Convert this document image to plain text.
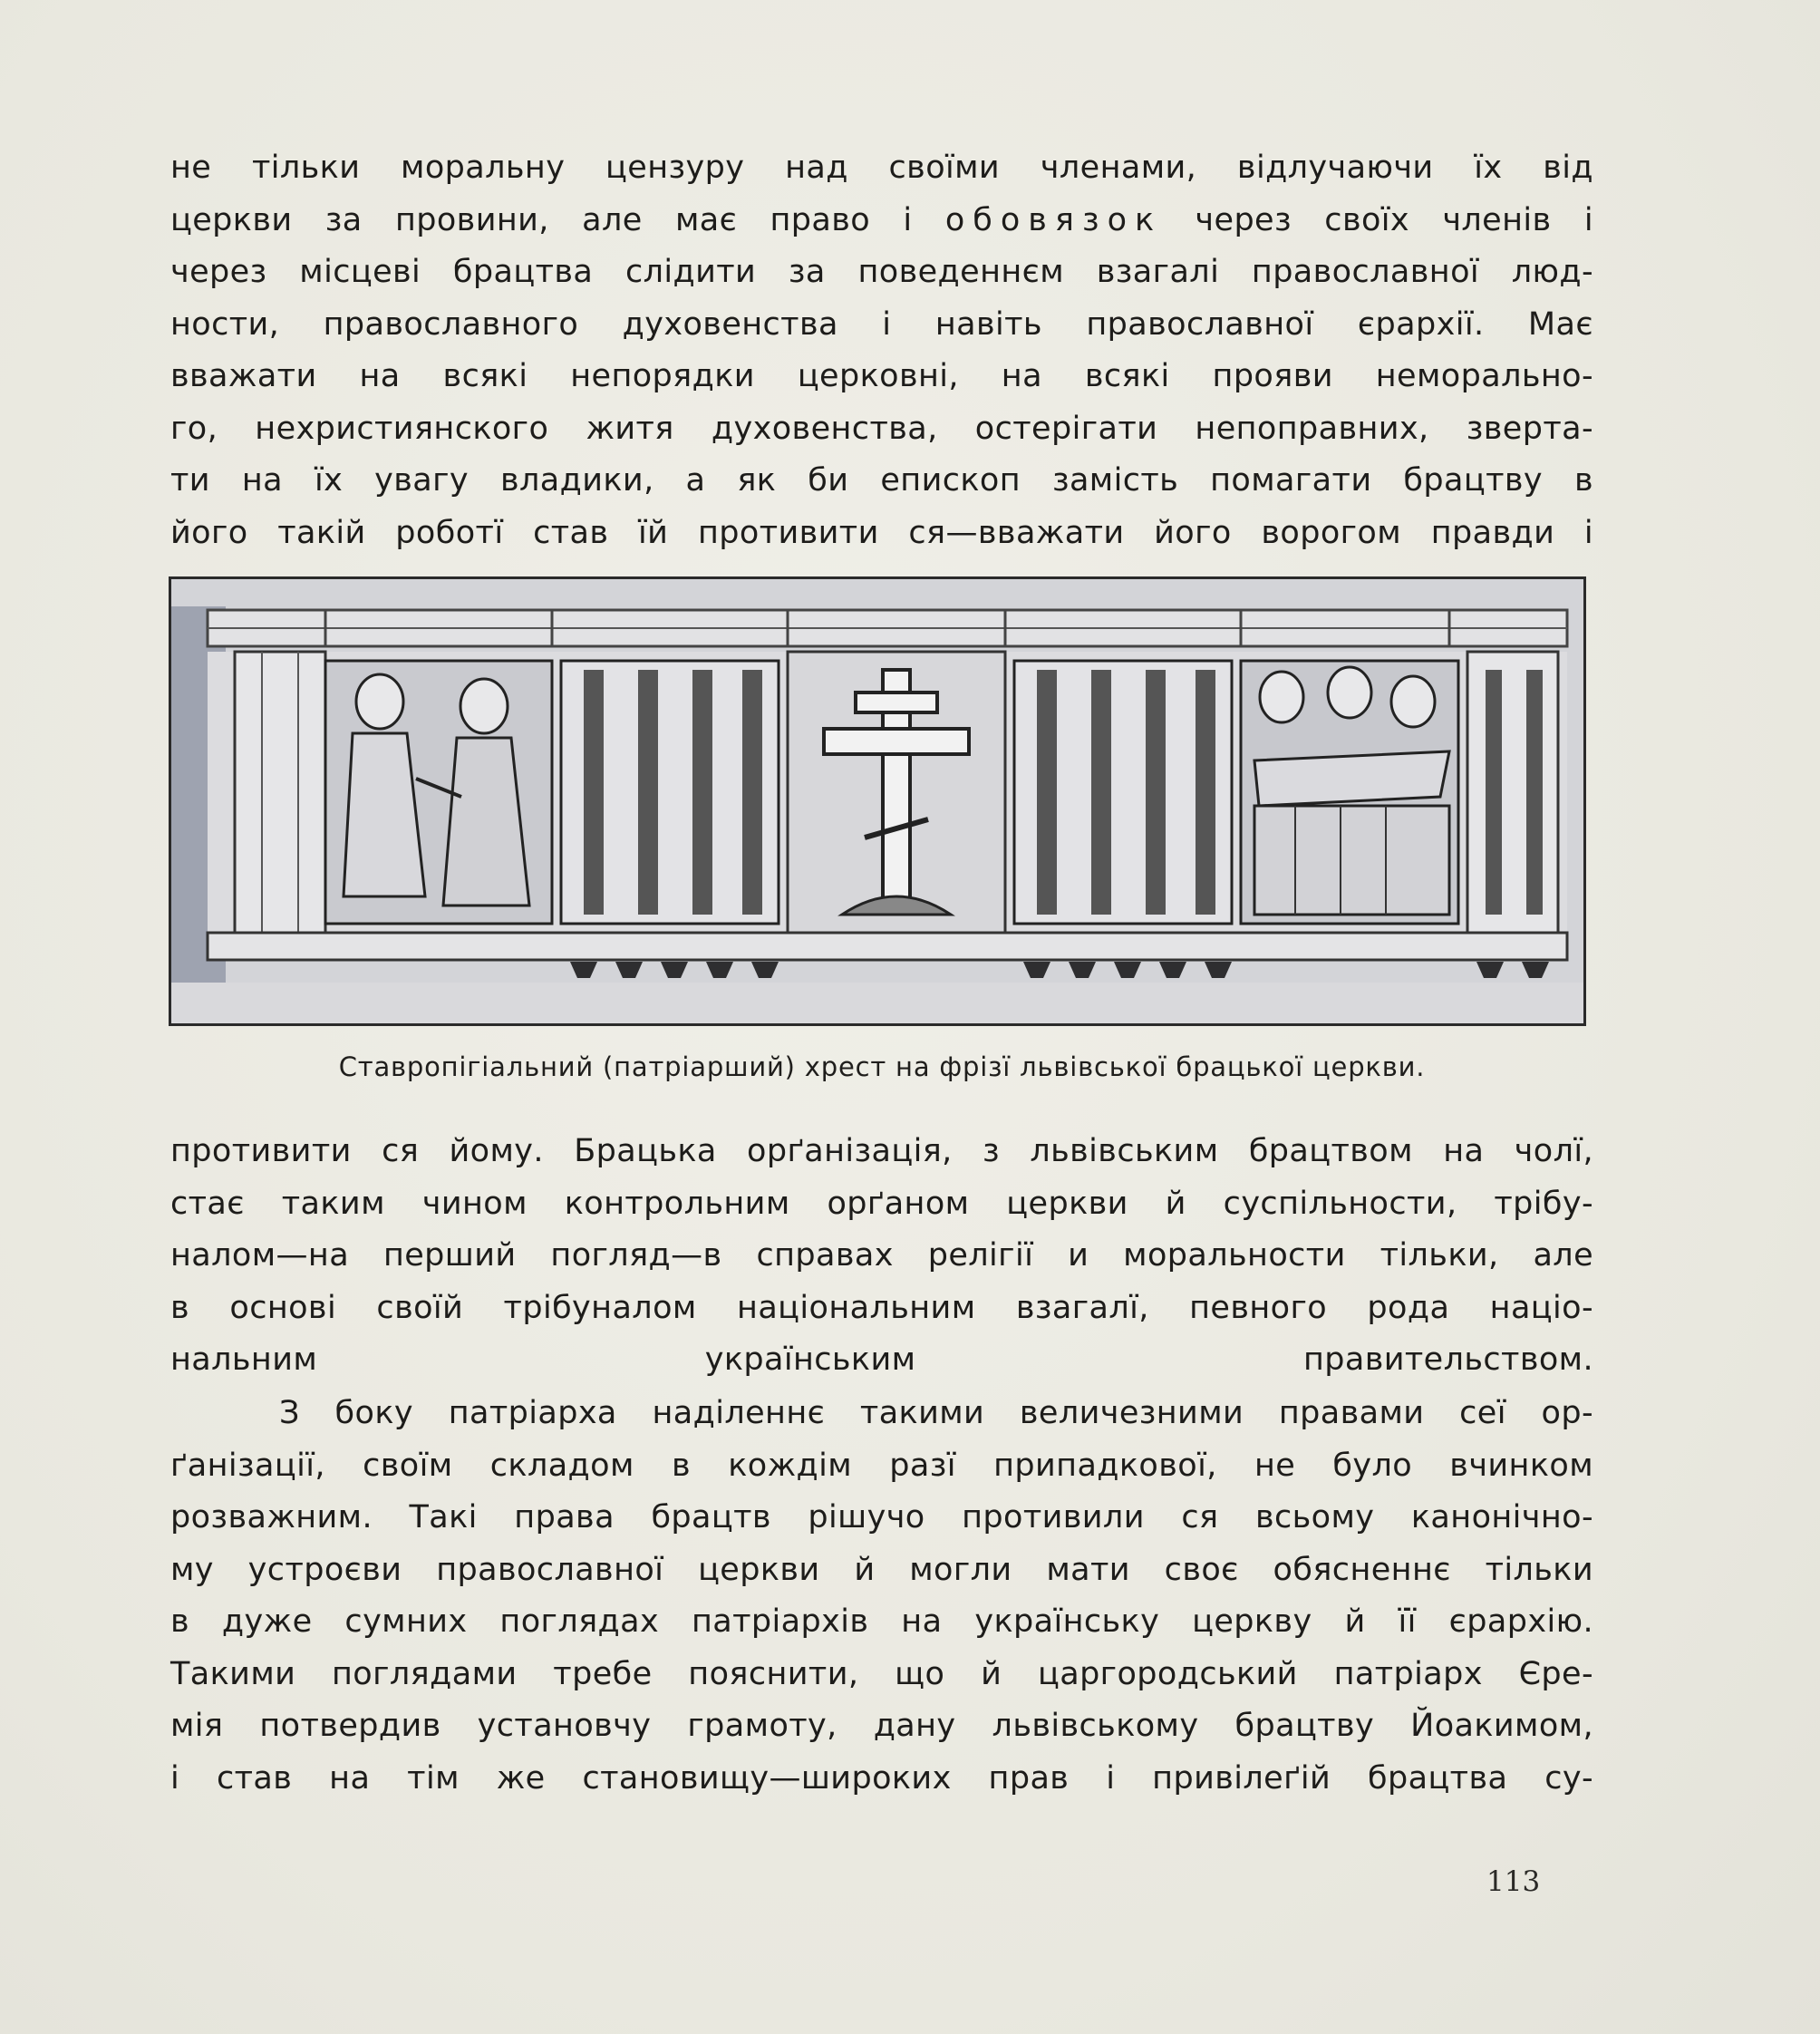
не тільки моральну цензуру над своїми членами, відлучаючи їх від

церкви за провини, але має право і обовязок через своїх членів і

через місцеві брацтва слідити за поведеннєм взагалі православної люд-

ности, православного духовенства і навіть православної єрархії. Має

вважати на всякі непорядки церковні, на всякі прояви неморально-

го, нехристиянского житя духовенства, остерігати непоправних, зверта-

ти на їх увагу владики, а як би епископ замість помагати брацтву в

його такій роботї став їй противити ся—вважати його ворогом правди і

Ставропігіальний (патріарший) хрест на фрізї львівської брацької церкви.

противити ся йому. Брацька орґанізація, з львівським брацтвом на чолї,

стає таким чином контрольним орґаном церкви й суспільности, трібу-

налом—на перший погляд—в справах релігії и моральности тільки, але

в основі своїй трібуналом національним взагалї, певного рода націо-

нальним українським правительством.

З боку патріарха наділеннє такими величезними правами сеї ор-

ґанізації, своїм складом в кождім разї припадкової, не було вчинком

розважним. Такі права брацтв рішучо противили ся всьому канонічно-

му устроєви православної церкви й могли мати своє обясненнє тільки

в дуже сумних поглядах патріархів на українську церкву й її єрархію.

Такими поглядами требе пояснити, що й царгородський патріарх Єре-

мія потвердив установчу грамоту, дану львівському брацтву Йоакимом,

і став на тім же становищу—широких прав і привілеґій брацтва су-

113
